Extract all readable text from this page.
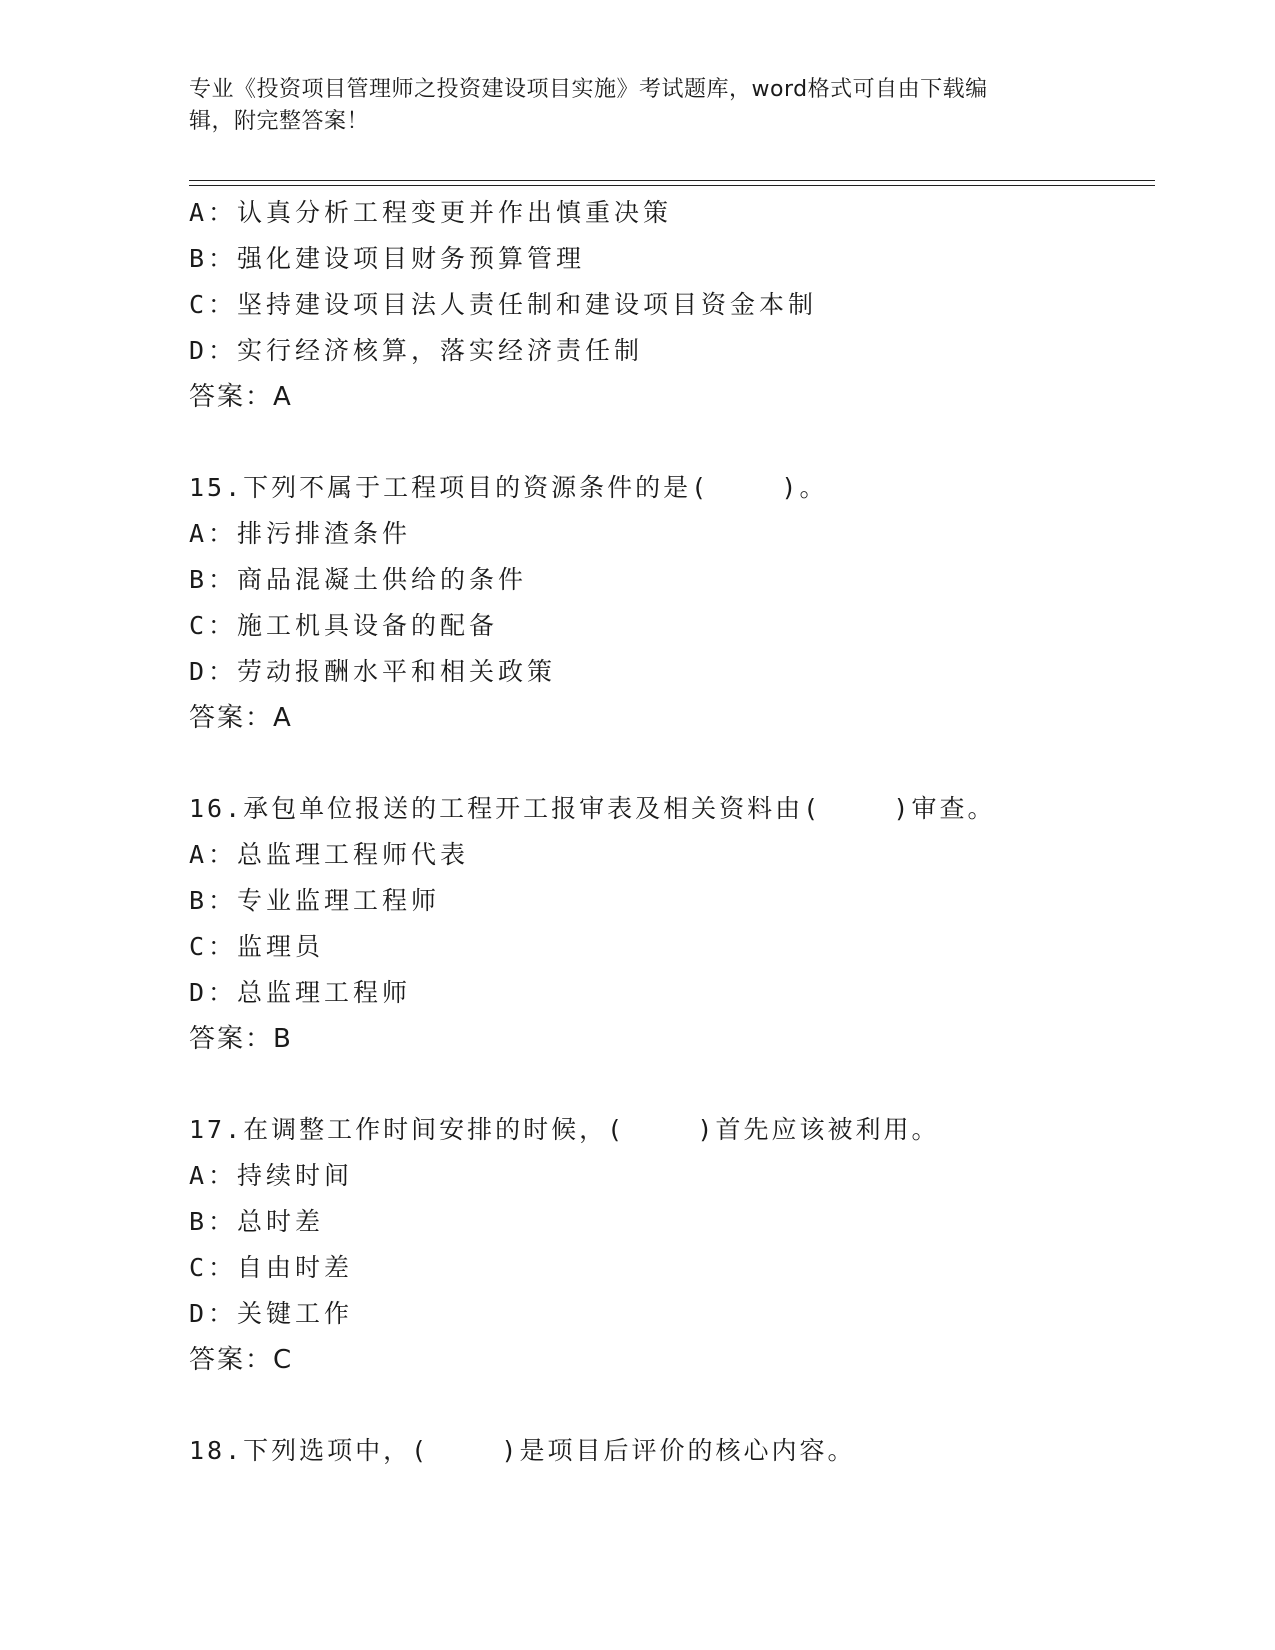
专业《投资项目管理师之投资建设项目实施》考试题库，word格式可自由下载编
辑，附完整答案！
A：认真分析工程变更并作出慎重决策
B：强化建设项目财务预算管理
C：坚持建设项目法人责任制和建设项目资金本制
D：实行经济核算，落实经济责任制
答案：A
15.下列不属于工程项目的资源条件的是(    )。
A：排污排渣条件
B：商品混凝土供给的条件
C：施工机具设备的配备
D：劳动报酬水平和相关政策
答案：A
16.承包单位报送的工程开工报审表及相关资料由(    )审查。
A：总监理工程师代表
B：专业监理工程师
C：监理员
D：总监理工程师
答案：B
17.在调整工作时间安排的时候，(    )首先应该被利用。
A：持续时间
B：总时差
C：自由时差
D：关键工作
答案：C
18.下列选项中，(    )是项目后评价的核心内容。
